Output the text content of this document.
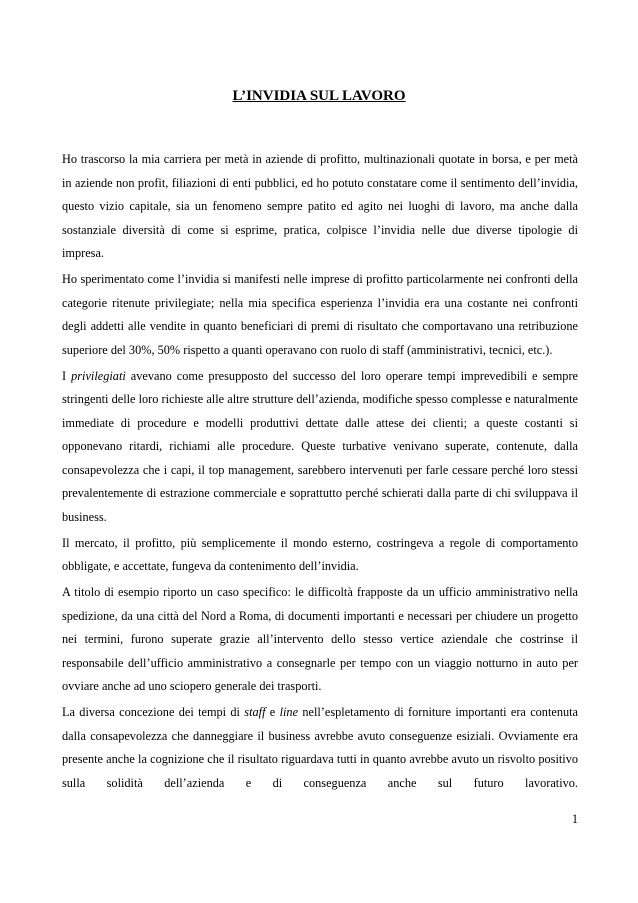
L’INVIDIA SUL LAVORO

Ho trascorso la mia carriera per metà in aziende di profitto, multinazionali quotate in borsa, e per metà in aziende non profit, filiazioni di enti pubblici, ed ho potuto constatare come il sentimento dell’invidia, questo vizio capitale, sia un fenomeno sempre patito ed agito nei luoghi di lavoro, ma anche dalla sostanziale diversità di come si esprime, pratica, colpisce l’invidia nelle due diverse tipologie di impresa.

Ho sperimentato come l’invidia si manifesti nelle imprese di profitto particolarmente nei confronti della categorie ritenute privilegiate; nella mia specifica esperienza l’invidia era una costante nei confronti degli addetti alle vendite in quanto beneficiari di premi di risultato che comportavano una retribuzione superiore del 30%, 50% rispetto a quanti operavano con ruolo di staff (amministrativi, tecnici, etc.).

I privilegiati avevano come presupposto del successo del loro operare tempi imprevedibili e sempre stringenti delle loro richieste alle altre strutture dell’azienda, modifiche spesso complesse e naturalmente immediate di procedure e modelli produttivi dettate dalle attese dei clienti; a queste costanti si opponevano ritardi, richiami alle procedure. Queste turbative venivano superate, contenute, dalla consapevolezza che i capi, il top management, sarebbero intervenuti per farle cessare perché loro stessi prevalentemente di estrazione commerciale e soprattutto perché schierati dalla parte di chi sviluppava il business.

Il mercato, il profitto, più semplicemente il mondo esterno, costringeva a regole di comportamento obbligate, e accettate, fungeva da contenimento dell’invidia.

A titolo di esempio riporto un caso specifico: le difficoltà frapposte da un ufficio amministrativo nella spedizione, da una città del Nord a Roma, di documenti importanti e necessari per chiudere un progetto nei termini, furono superate grazie all’intervento dello stesso vertice aziendale che costrinse il responsabile dell’ufficio amministrativo a consegnarle per tempo con un viaggio notturno in auto per ovviare anche ad uno sciopero generale dei trasporti.

La diversa concezione dei tempi di staff e line nell’espletamento di forniture importanti era contenuta dalla consapevolezza che danneggiare il business avrebbe avuto conseguenze esiziali. Ovviamente era presente anche la cognizione che il risultato riguardava tutti in quanto avrebbe avuto un risvolto positivo sulla solidità dell’azienda e di conseguenza anche sul futuro lavorativo.

1
